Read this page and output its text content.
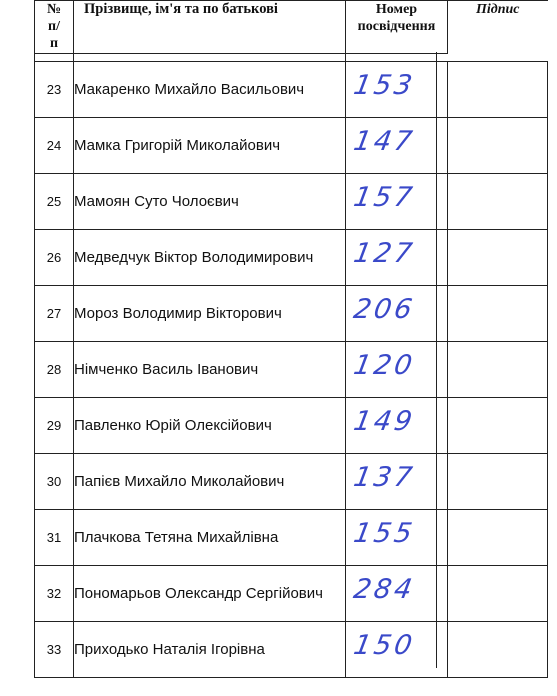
№ п/п	Прізвище, ім'я та по батькові	Номер посвідчення	Підпис

23	Макаренко Михайло Васильович	153	

24	Мамка Григорій Миколайович	147	

25	Мамоян Суто Чолоєвич	157	

26	Медведчук Віктор Володимирович	127	

27	Мороз Володимир Вікторович	206	

28	Німченко Василь Іванович	120	

29	Павленко Юрій Олексійович	149	

30	Папієв Михайло Миколайович	137	

31	Плачкова Тетяна Михайлівна	155	

32	Пономарьов Олександр Сергійович	284	

33	Приходько Наталія Ігорівна	150	
